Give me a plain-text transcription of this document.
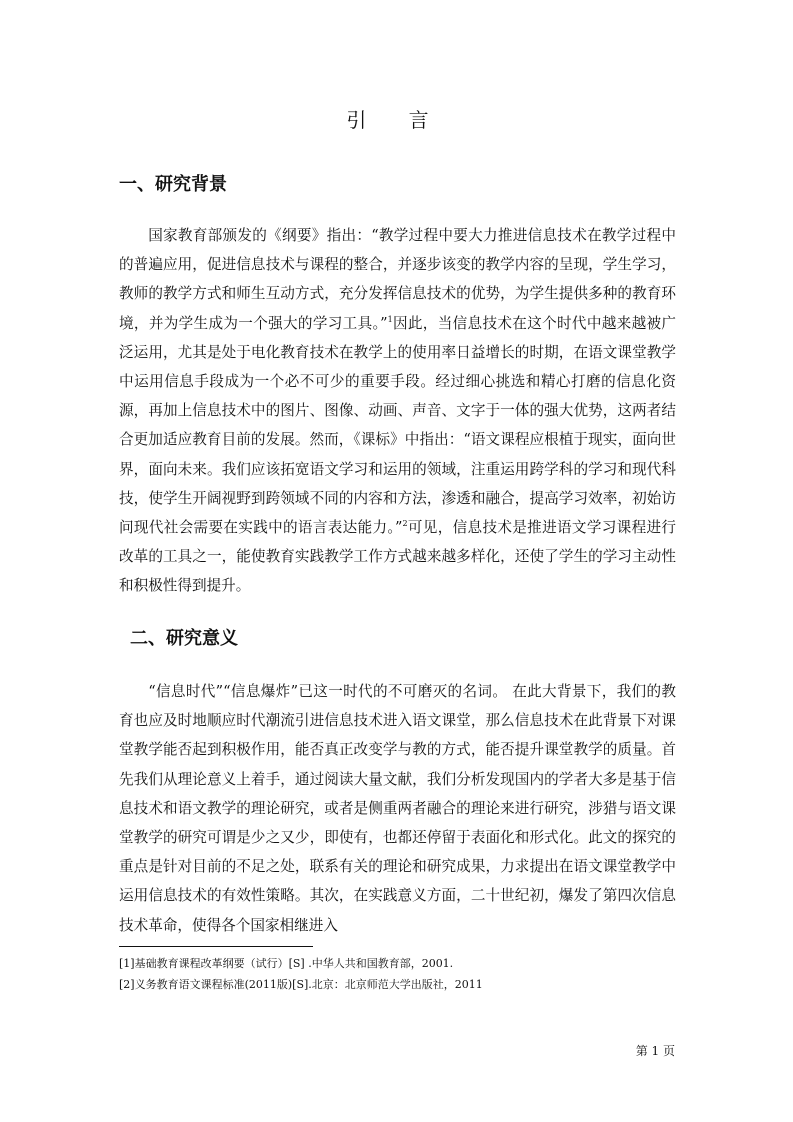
引 言
一、研究背景

国家教育部颁发的《纲要》指出：“教学过程中要大力推进信息技术在教学过程中的普遍应用，促进信息技术与课程的整合，并逐步该变的教学内容的呈现，学生学习，教师的教学方式和师生互动方式，充分发挥信息技术的优势，为学生提供多种的教育环境，并为学生成为一个强大的学习工具。”$^1$因此，当信息技术在这个时代中越来越被广泛运用，尤其是处于电化教育技术在教学上的使用率日益增长的时期，在语文课堂教学中运用信息手段成为一个必不可少的重要手段。经过细心挑选和精心打磨的信息化资源，再加上信息技术中的图片、图像、动画、声音、文字于一体的强大优势，这两者结合更加适应教育目前的发展。然而，《课标》中指出：“语文课程应根植于现实，面向世界，面向未来。我们应该拓宽语文学习和运用的领域，注重运用跨学科的学习和现代科技，使学生开阔视野到跨领域不同的内容和方法，渗透和融合，提高学习效率，初始访问现代社会需要在实践中的语言表达能力。”$^2$可见，信息技术是推进语文学习课程进行改革的工具之一，能使教育实践教学工作方式越来越多样化，还使了学生的学习主动性和积极性得到提升。

二、研究意义

“信息时代”“信息爆炸”已这一时代的不可磨灭的名词。 在此大背景下，我们的教育也应及时地顺应时代潮流引进信息技术进入语文课堂，那么信息技术在此背景下对课堂教学能否起到积极作用，能否真正改变学与教的方式，能否提升课堂教学的质量。首先我们从理论意义上着手，通过阅读大量文献，我们分析发现国内的学者大多是基于信息技术和语文教学的理论研究，或者是侧重两者融合的理论来进行研究，涉猎与语文课堂教学的研究可谓是少之又少，即使有，也都还停留于表面化和形式化。此文的探究的重点是针对目前的不足之处，联系有关的理论和研究成果，力求提出在语文课堂教学中运用信息技术的有效性策略。其次，在实践意义方面，二十世纪初，爆发了第四次信息技术革命，使得各个国家相继进入

[1]基础教育课程改革纲要（试行）[S] .中华人共和国教育部，2001.
[2]义务教育语文课程标准(2011版)[S].北京：北京师范大学出版社，2011
第 1 页
